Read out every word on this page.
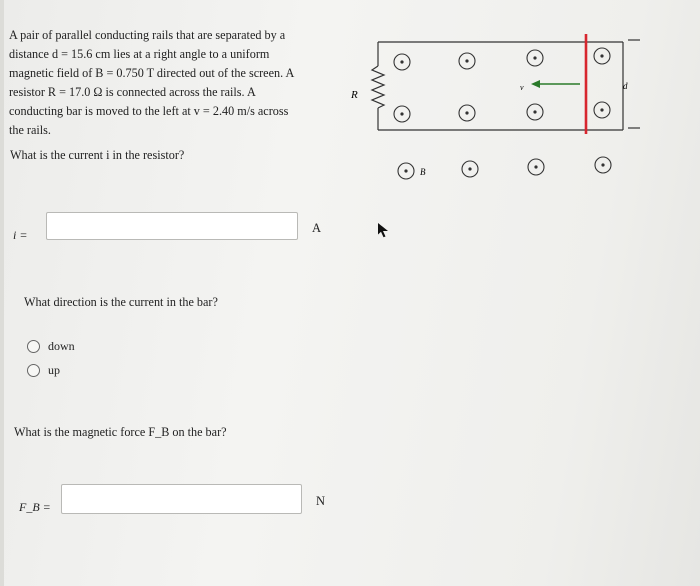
A pair of parallel conducting rails that are separated by a
distance d = 15.6 cm lies at a right angle to a uniform
magnetic field of B = 0.750 T directed out of the screen. A
resistor R = 17.0 Ω is connected across the rails. A
conducting bar is moved to the left at v = 2.40 m/s across
the rails.
What is the current i in the resistor?
i =	A
What direction is the current in the bar?
down
up
What is the magnetic force F_B on the bar?
F_B =	N
R
d
v
B
